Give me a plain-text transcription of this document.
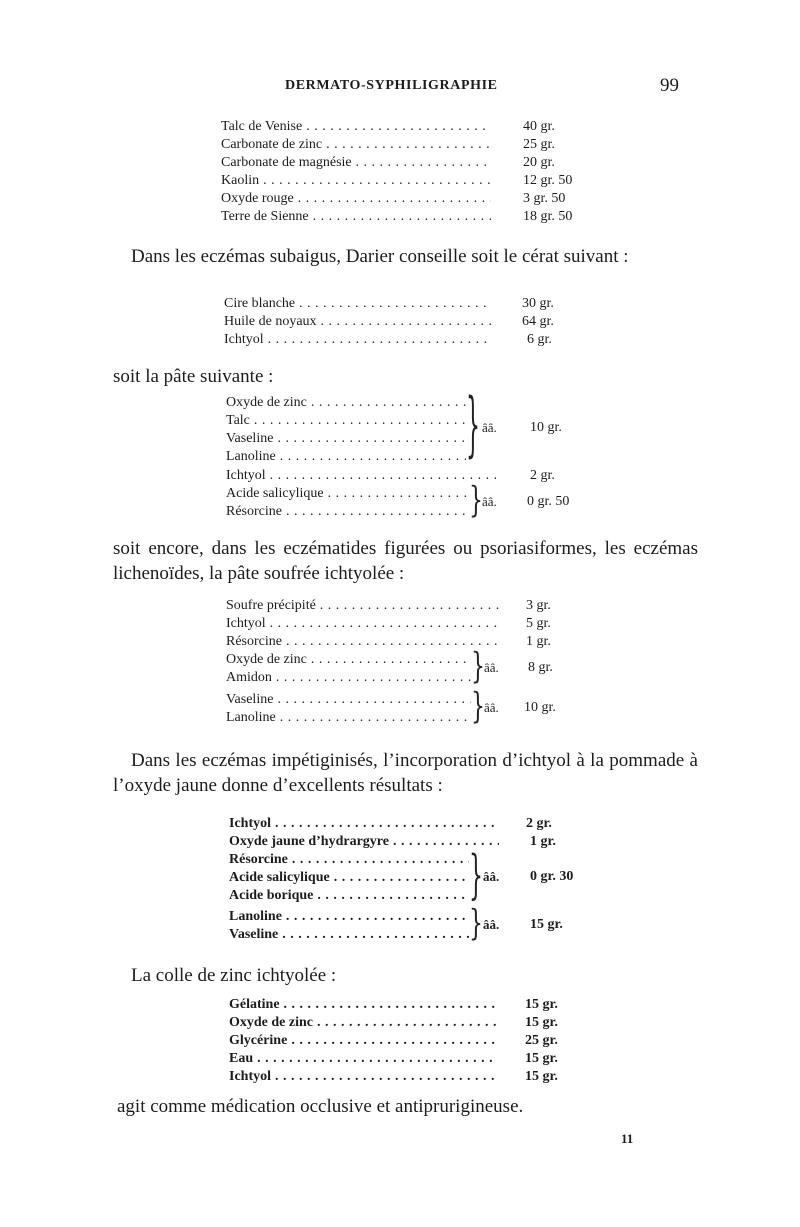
DERMATO-SYPHILIGRAPHIE	99
Talc de Venise . . .	40 gr.
Carbonate de zinc . . .	25 gr.
Carbonate de magnésie . . .	20 gr.
Kaolin . . .	12 gr. 50
Oxyde rouge . . .	3 gr. 50
Terre de Sienne . . .	18 gr. 50
Dans les eczémas subaigus, Darier conseille soit le cérat suivant :
Cire blanche . . .	30 gr.
Huile de noyaux . . .	64 gr.
Ichtyol . . .	6 gr.
soit la pâte suivante :
Oxyde de zinc . . .
Talc . . .
Vaseline . . .
Lanoline . . .	} ââ. 10 gr.
Ichtyol . . .	2 gr.
Acide salicylique . . .
Résorcine . . .	} ââ. 0 gr. 50
soit encore, dans les eczématides figurées ou psoriasiformes, les eczémas lichenoïdes, la pâte soufrée ichtyolée :
Soufre précipité . . .	3 gr.
Ichtyol . . .	5 gr.
Résorcine . . .	1 gr.
Oxyde de zinc . . .
Amidon . . .	} ââ. 8 gr.
Vaseline . . .
Lanoline . . .	} ââ. 10 gr.
Dans les eczémas impétiginisés, l’incorporation d’ichtyol à la pommade à l’oxyde jaune donne d’excellents résultats :
Ichtyol . . .	2 gr.
Oxyde jaune d’hydrargyre . . .	1 gr.
Résorcine . . .
Acide salicylique . . .
Acide borique . . .	} ââ. 0 gr. 30
Lanoline . . .
Vaseline . . .	} ââ. 15 gr.
La colle de zinc ichtyolée :
Gélatine . . .	15 gr.
Oxyde de zinc . . .	15 gr.
Glycérine . . .	25 gr.
Eau . . .	15 gr.
Ichtyol . . .	15 gr.
agit comme médication occlusive et antiprurigineuse.
11
